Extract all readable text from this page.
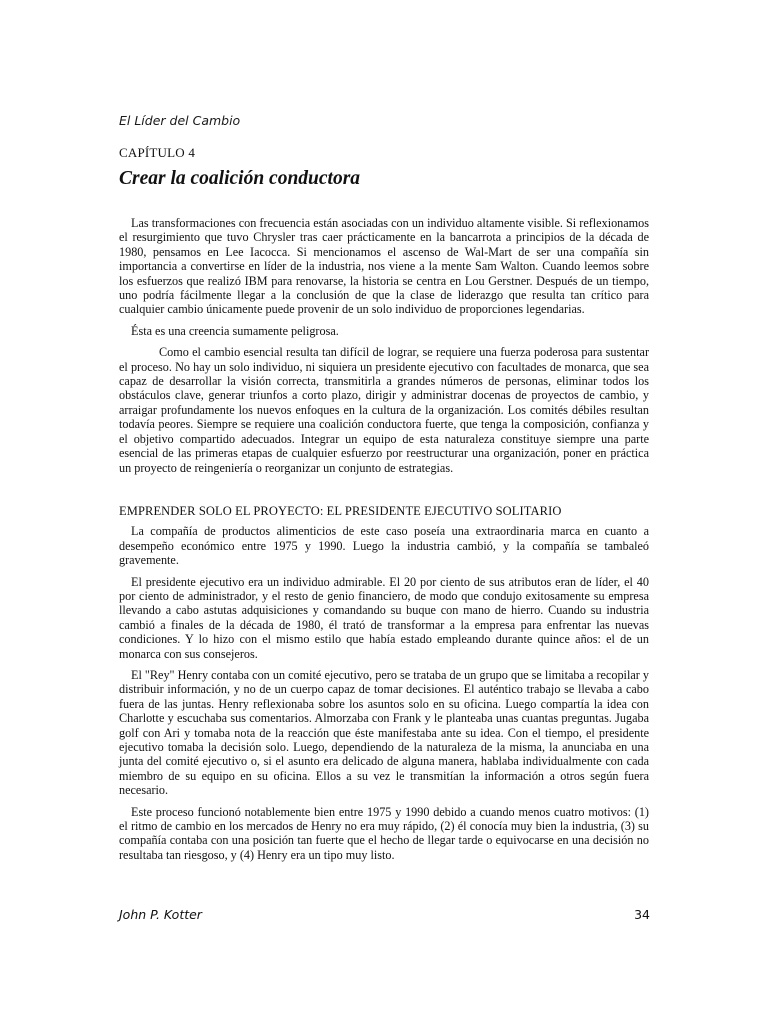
El Líder del Cambio
CAPÍTULO 4
Crear la coalición conductora

Las transformaciones con frecuencia están asociadas con un individuo altamente visible. Si reflexionamos el resurgimiento que tuvo Chrysler tras caer prácticamente en la bancarrota a principios de la década de 1980, pensamos en Lee Iacocca. Si mencionamos el ascenso de Wal-Mart de ser una compañía sin importancia a convertirse en líder de la industria, nos viene a la mente Sam Walton. Cuando leemos sobre los esfuerzos que realizó IBM para renovarse, la historia se centra en Lou Gerstner. Después de un tiempo, uno podría fácilmente llegar a la conclusión de que la clase de liderazgo que resulta tan crítico para cualquier cambio únicamente puede provenir de un solo individuo de proporciones legendarias.

Ésta es una creencia sumamente peligrosa.

Como el cambio esencial resulta tan difícil de lograr, se requiere una fuerza poderosa para sustentar el proceso. No hay un solo individuo, ni siquiera un presidente ejecutivo con facultades de monarca, que sea capaz de desarrollar la visión correcta, transmitirla a grandes números de personas, eliminar todos los obstáculos clave, generar triunfos a corto plazo, dirigir y administrar docenas de proyectos de cambio, y arraigar profundamente los nuevos enfoques en la cultura de la organización. Los comités débiles resultan todavía peores. Siempre se requiere una coalición conductora fuerte, que tenga la composición, confianza y el objetivo compartido adecuados. Integrar un equipo de esta naturaleza constituye siempre una parte esencial de las primeras etapas de cualquier esfuerzo por reestructurar una organización, poner en práctica un proyecto de reingeniería o reorganizar un conjunto de estrategias.

EMPRENDER SOLO EL PROYECTO: EL PRESIDENTE EJECUTIVO SOLITARIO

La compañía de productos alimenticios de este caso poseía una extraordinaria marca en cuanto a desempeño económico entre 1975 y 1990. Luego la industria cambió, y la compañía se tambaleó gravemente.

El presidente ejecutivo era un individuo admirable. El 20 por ciento de sus atributos eran de líder, el 40 por ciento de administrador, y el resto de genio financiero, de modo que condujo exitosamente su empresa llevando a cabo astutas adquisiciones y comandando su buque con mano de hierro. Cuando su industria cambió a finales de la década de 1980, él trató de transformar a la empresa para enfrentar las nuevas condiciones. Y lo hizo con el mismo estilo que había estado empleando durante quince años: el de un monarca con sus consejeros.

El "Rey" Henry contaba con un comité ejecutivo, pero se trataba de un grupo que se limitaba a recopilar y distribuir información, y no de un cuerpo capaz de tomar decisiones. El auténtico trabajo se llevaba a cabo fuera de las juntas. Henry reflexionaba sobre los asuntos solo en su oficina. Luego compartía la idea con Charlotte y escuchaba sus comentarios. Almorzaba con Frank y le planteaba unas cuantas preguntas. Jugaba golf con Ari y tomaba nota de la reacción que éste manifestaba ante su idea. Con el tiempo, el presidente ejecutivo tomaba la decisión solo. Luego, dependiendo de la naturaleza de la misma, la anunciaba en una junta del comité ejecutivo o, si el asunto era delicado de alguna manera, hablaba individualmente con cada miembro de su equipo en su oficina. Ellos a su vez le transmitían la información a otros según fuera necesario.

Este proceso funcionó notablemente bien entre 1975 y 1990 debido a cuando menos cuatro motivos: (1) el ritmo de cambio en los mercados de Henry no era muy rápido, (2) él conocía muy bien la industria, (3) su compañía contaba con una posición tan fuerte que el hecho de llegar tarde o equivocarse en una decisión no resultaba tan riesgoso, y (4) Henry era un tipo muy listo.

John P. Kotter	34
